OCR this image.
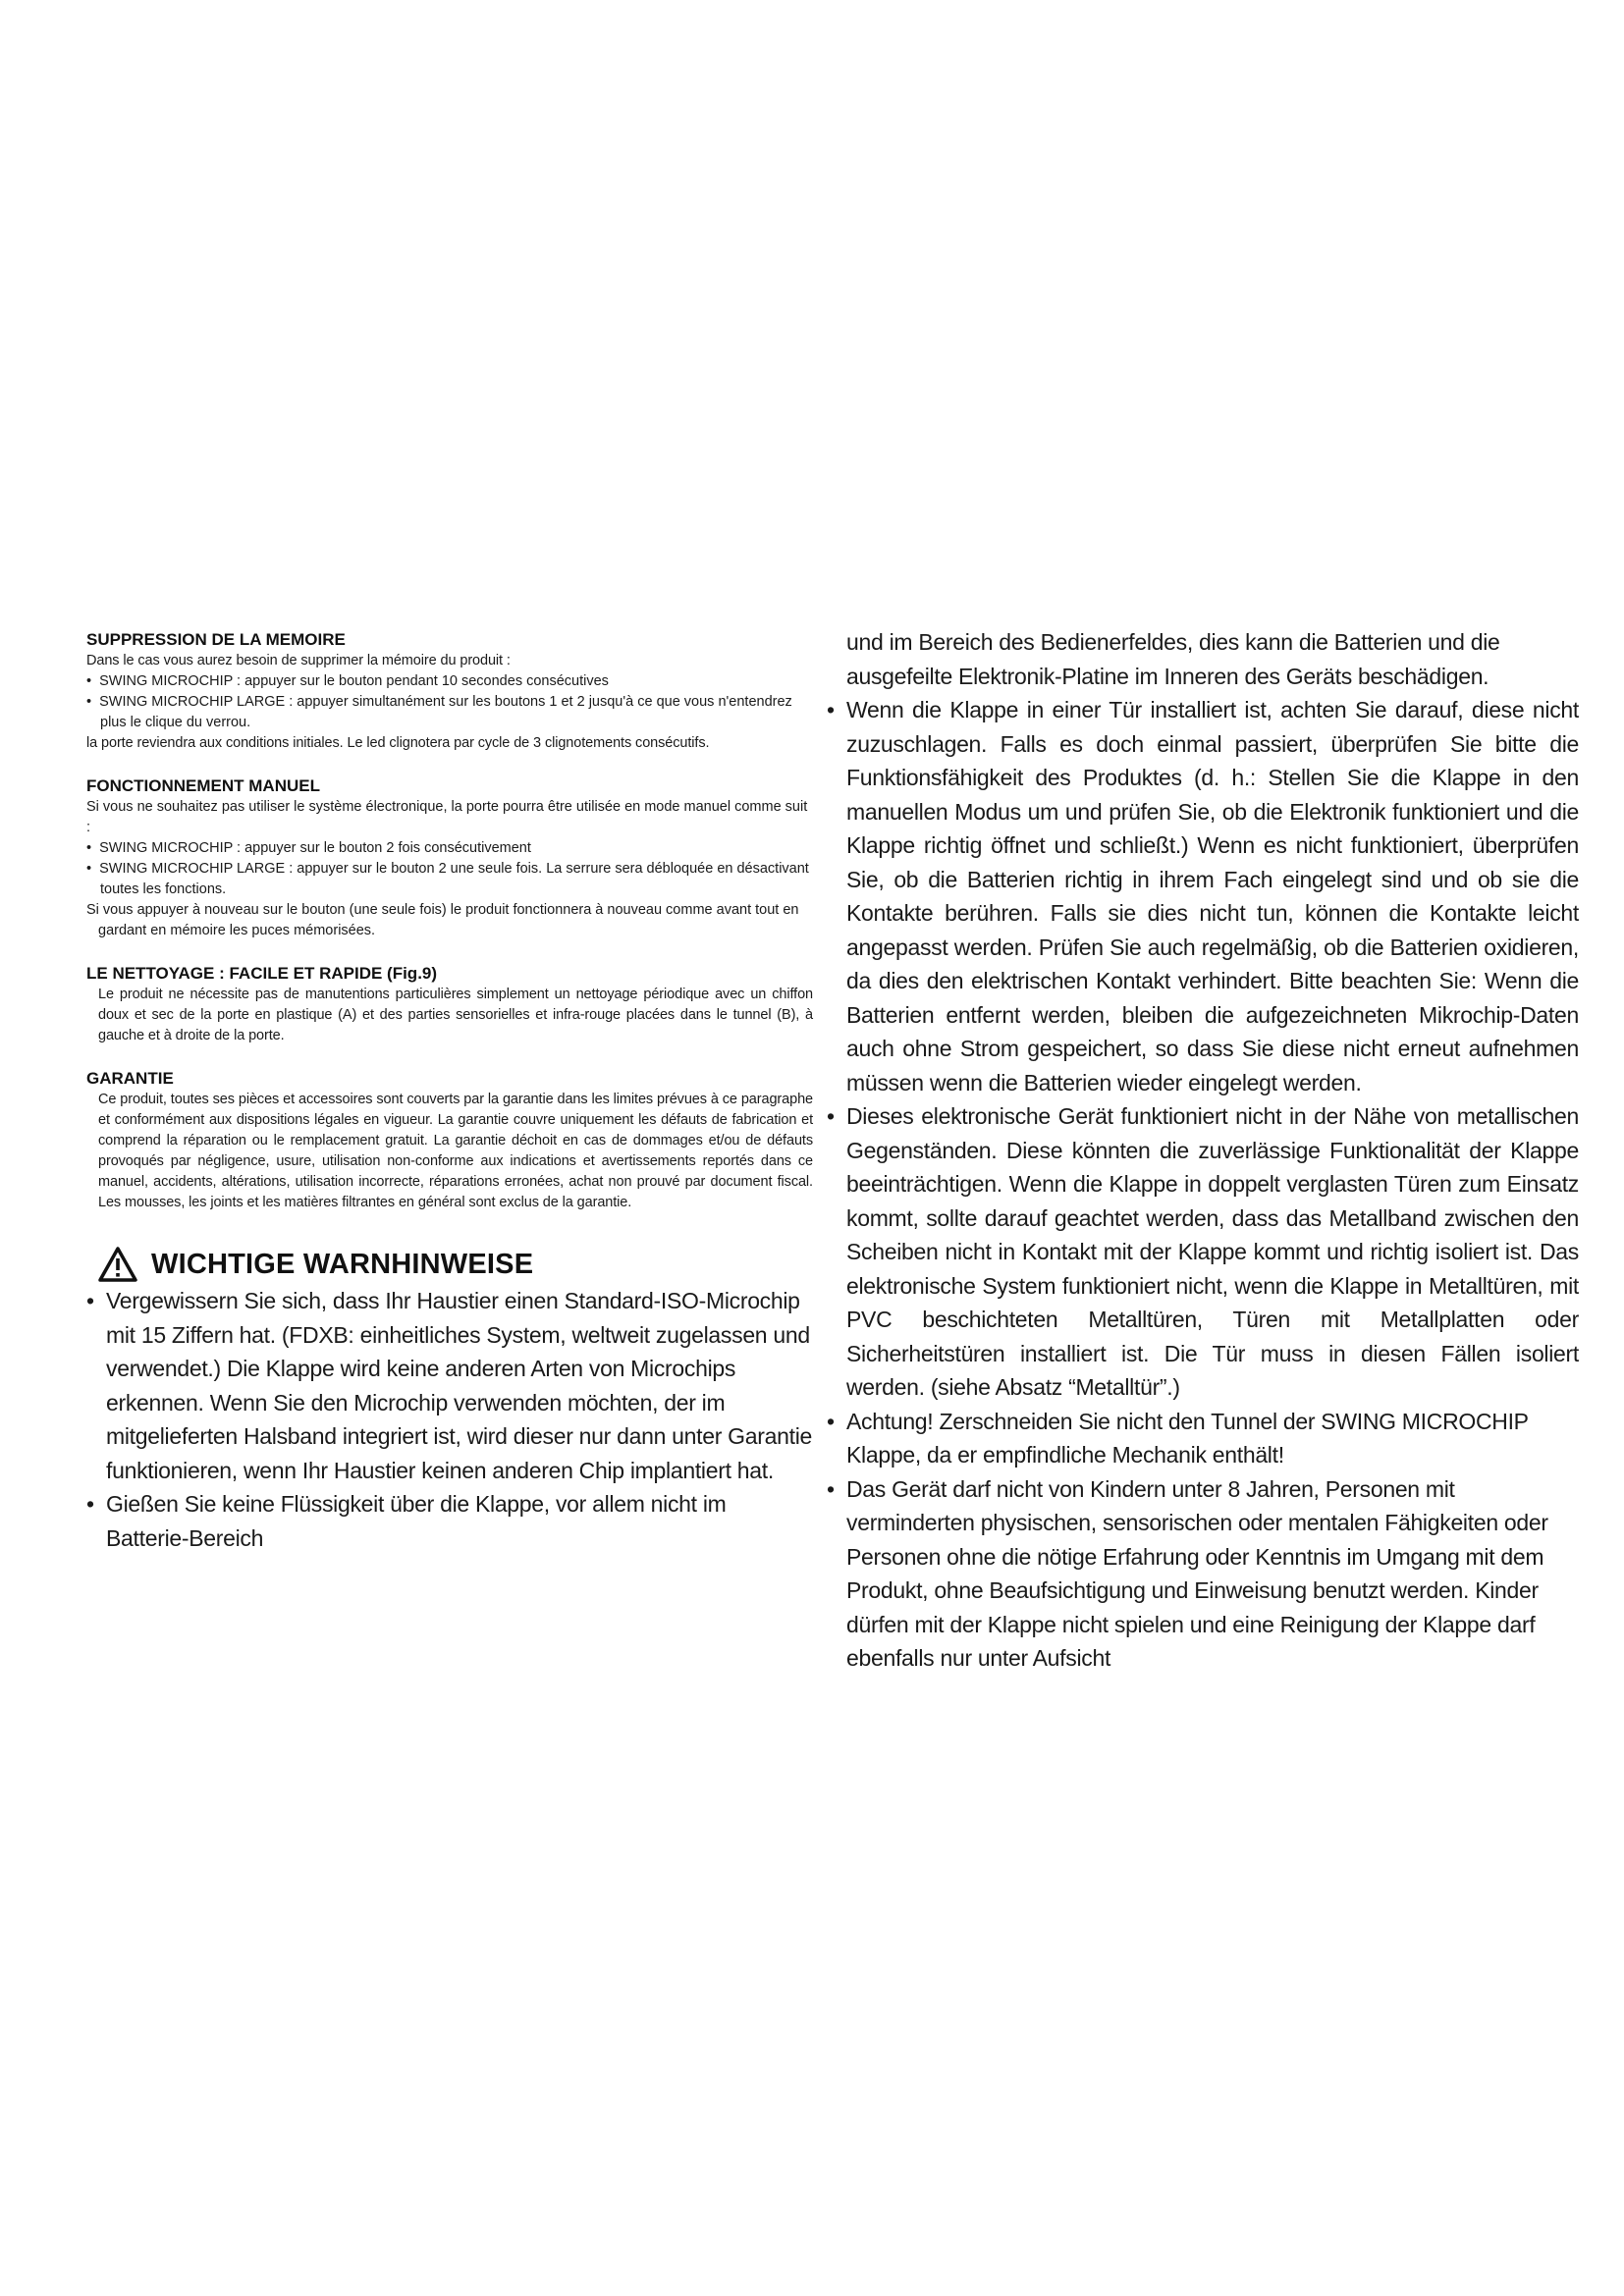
SUPPRESSION DE LA MEMOIRE

Dans le cas vous aurez besoin de supprimer la mémoire du produit :

•  SWING MICROCHIP : appuyer sur le bouton pendant 10 secondes consécutives

•  SWING MICROCHIP LARGE : appuyer simultanément sur les boutons 1 et 2 jusqu'à ce que vous n'entendrez plus le clique du verrou.

la porte reviendra aux conditions initiales. Le led clignotera par cycle de 3 clignotements consécutifs.

FONCTIONNEMENT MANUEL

Si vous ne souhaitez pas utiliser le système électronique, la porte pourra être utilisée en mode manuel comme suit :

•  SWING MICROCHIP : appuyer sur le bouton 2 fois consécutivement

•  SWING MICROCHIP LARGE : appuyer sur le bouton 2 une seule fois. La serrure sera débloquée en désactivant toutes les fonctions.

Si vous appuyer à nouveau sur le bouton (une seule fois) le produit fonctionnera à nouveau comme avant tout en gardant en mémoire les puces mémorisées.

LE NETTOYAGE : FACILE ET RAPIDE (Fig.9)

Le produit ne nécessite pas de manutentions particulières simplement un nettoyage périodique avec un chiffon doux et sec de la porte en plastique (A) et des parties sensorielles et infra-rouge placées dans le tunnel (B), à gauche et à droite de la porte.

GARANTIE

Ce produit, toutes ses pièces et accessoires sont couverts par la garantie dans les limites prévues à ce paragraphe et conformément aux dispositions légales en vigueur. La garantie couvre uniquement les défauts de fabrication et comprend la réparation ou le remplacement gratuit. La garantie déchoit en cas de dommages et/ou de défauts provoqués par négligence, usure, utilisation non-conforme aux indications et avertissements reportés dans ce manuel, accidents, altérations, utilisation incorrecte, réparations erronées, achat non prouvé par document fiscal. Les mousses, les joints et les matières filtrantes en général sont exclus de la garantie.

WICHTIGE WARNHINWEISE
• Vergewissern Sie sich, dass Ihr Haustier einen Standard-ISO-Microchip mit 15 Ziffern hat. (FDXB: einheitliches System, weltweit zugelassen und verwendet.) Die Klappe wird keine anderen Arten von Microchips erkennen. Wenn Sie den Microchip verwenden möchten, der im mitgelieferten Halsband integriert ist, wird dieser nur dann unter Garantie funktionieren, wenn Ihr Haustier keinen anderen Chip implantiert hat.
• Gießen Sie keine Flüssigkeit über die Klappe, vor allem nicht im Batterie-Bereich

und im Bereich des Bedienerfeldes, dies kann die Batterien und die ausgefeilte Elektronik-Platine im Inneren des Geräts beschädigen.

• Wenn die Klappe in einer Tür installiert ist, achten Sie darauf, diese nicht zuzuschlagen. Falls es doch einmal passiert, überprüfen Sie bitte die Funktionsfähigkeit des Produktes (d. h.: Stellen Sie die Klappe in den manuellen Modus um und prüfen Sie, ob die Elektronik funktioniert und die Klappe richtig öffnet und schließt.) Wenn es nicht funktioniert, überprüfen Sie, ob die Batterien richtig in ihrem Fach eingelegt sind und ob sie die Kontakte berühren. Falls sie dies nicht tun, können die Kontakte leicht angepasst werden. Prüfen Sie auch regelmäßig, ob die Batterien oxidieren, da dies den elektrischen Kontakt verhindert. Bitte beachten Sie: Wenn die Batterien entfernt werden, bleiben die aufgezeichneten Mikrochip-Daten auch ohne Strom gespeichert, so dass Sie diese nicht erneut aufnehmen müssen wenn die Batterien wieder eingelegt werden.
• Dieses elektronische Gerät funktioniert nicht in der Nähe von metallischen Gegenständen. Diese könnten die zuverlässige Funktionalität der Klappe beeinträchtigen. Wenn die Klappe in doppelt verglasten Türen zum Einsatz kommt, sollte darauf geachtet werden, dass das Metallband zwischen den Scheiben nicht in Kontakt mit der Klappe kommt und richtig isoliert ist. Das elektronische System funktioniert nicht, wenn die Klappe in Metalltüren, mit PVC beschichteten Metalltüren, Türen mit Metallplatten oder Sicherheitstüren installiert ist. Die Tür muss in diesen Fällen isoliert werden. (siehe Absatz “Metalltür”.)
• Achtung! Zerschneiden Sie nicht den Tunnel der SWING MICROCHIP Klappe, da er empfindliche Mechanik enthält!
• Das Gerät darf nicht von Kindern unter 8 Jahren, Personen mit verminderten physischen, sensorischen oder mentalen Fähigkeiten oder Personen ohne die nötige Erfahrung oder Kenntnis im Umgang mit dem Produkt, ohne Beaufsichtigung und Einweisung benutzt werden. Kinder dürfen mit der Klappe nicht spielen und eine Reinigung der Klappe darf ebenfalls nur unter Aufsicht
